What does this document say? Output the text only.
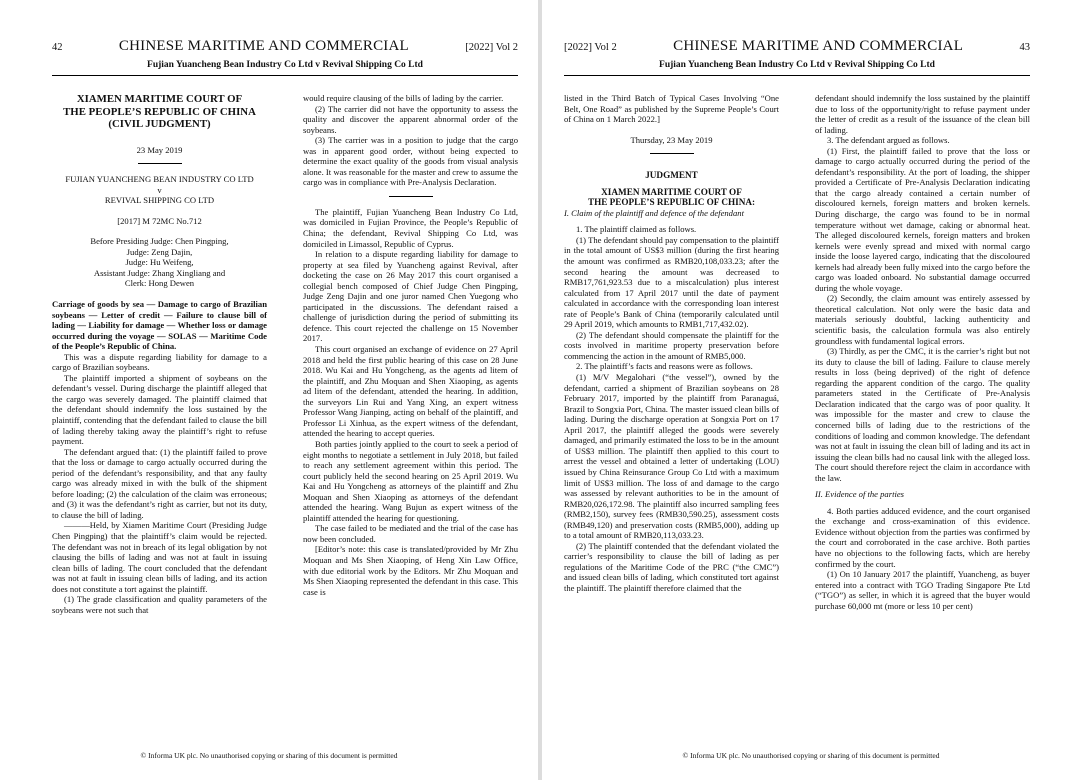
42	CHINESE MARITIME AND COMMERCIAL	[2022] Vol 2
Fujian Yuancheng Bean Industry Co Ltd v Revival Shipping Co Ltd
XIAMEN MARITIME COURT OF
THE PEOPLE’S REPUBLIC OF CHINA
(CIVIL JUDGMENT)

23 May 2019

FUJIAN YUANCHENG BEAN INDUSTRY CO LTD

v

REVIVAL SHIPPING CO LTD

[2017] M 72MC No.712

Before Presiding Judge: Chen Pingping,

Judge: Zeng Dajin,

Judge: Hu Weifeng,

Assistant Judge: Zhang Xingliang and

Clerk: Hong Dewen

Carriage of goods by sea — Damage to cargo of Brazilian soybeans — Letter of credit — Failure to clause bill of lading — Liability for damage — Whether loss or damage occurred during the voyage — SOLAS — Maritime Code of the People’s Republic of China.

This was a dispute regarding liability for damage to a cargo of Brazilian soybeans.

The plaintiff imported a shipment of soybeans on the defendant’s vessel. During discharge the plaintiff alleged that the cargo was severely damaged. The plaintiff claimed that the defendant should indemnify the loss sustained by the plaintiff, contending that the defendant failed to clause the bill of lading thereby taking away the plaintiff’s right to refuse payment.

The defendant argued that: (1) the plaintiff failed to prove that the loss or damage to cargo actually occurred during the period of the defendant’s responsibility, and that any faulty cargo was already mixed in with the bulk of the shipment before loading; (2) the calculation of the claim was erroneous; and (3) it was the defendant’s right as carrier, but not its duty, to clause the bill of lading.

———Held, by Xiamen Maritime Court (Presiding Judge Chen Pingping) that the plaintiff’s claim would be rejected. The defendant was not in breach of its legal obligation by not clausing the bills of lading and was not at fault in issuing clean bills of lading. The court concluded that the defendant was not at fault in issuing clean bills of lading, and its action does not constitute a tort against the plaintiff.

(1) The grade classification and quality parameters of the soybeans were not such that

would require clausing of the bills of lading by the carrier.

(2) The carrier did not have the opportunity to assess the quality and discover the apparent abnormal order of the soybeans.

(3) The carrier was in a position to judge that the cargo was in apparent good order, without being expected to determine the exact quality of the goods from visual analysis alone. It was reasonable for the master and crew to assume the cargo was in compliance with Pre-Analysis Declaration.

The plaintiff, Fujian Yuancheng Bean Industry Co Ltd, was domiciled in Fujian Province, the People’s Republic of China; the defendant, Revival Shipping Co Ltd, was domiciled in Limassol, Republic of Cyprus.

In relation to a dispute regarding liability for damage to property at sea filed by Yuancheng against Revival, after docketing the case on 26 May 2017 this court organised a collegial bench composed of Chief Judge Chen Pingping, Judge Zeng Dajin and one juror named Chen Yuegong who participated in the discussions. The defendant raised a challenge of jurisdiction during the period of submitting its defence. This court rejected the challenge on 15 November 2017.

This court organised an exchange of evidence on 27 April 2018 and held the first public hearing of this case on 28 June 2018. Wu Kai and Hu Yongcheng, as the agents ad litem of the plaintiff, and Zhu Moquan and Shen Xiaoping, as agents ad litem of the defendant, attended the hearing. In addition, the surveyors Lin Rui and Yang Xing, an expert witness Professor Wang Jianping, acting on behalf of the plaintiff, and Professor Li Xinhua, as the expert witness of the defendant, attended the hearing to accept queries.

Both parties jointly applied to the court to seek a period of eight months to negotiate a settlement in July 2018, but failed to reach any settlement agreement within this period. The court publicly held the second hearing on 25 April 2019. Wu Kai and Hu Yongcheng as attorneys of the plaintiff and Zhu Moquan and Shen Xiaoping as attorneys of the defendant attended the hearing. Wang Bujun as expert witness of the plaintiff attended the hearing for questioning.

The case failed to be mediated and the trial of the case has now been concluded.

[Editor’s note: this case is translated/provided by Mr Zhu Moquan and Ms Shen Xiaoping, of Heng Xin Law Office, with due editorial work by the Editors. Mr Zhu Moquan and Ms Shen Xiaoping represented the defendant in this case. This case is

© Informa UK plc. No unauthorised copying or sharing of this document is permitted
[2022] Vol 2	CHINESE MARITIME AND COMMERCIAL	43
Fujian Yuancheng Bean Industry Co Ltd v Revival Shipping Co Ltd

listed in the Third Batch of Typical Cases Involving “One Belt, One Road” as published by the Supreme People’s Court of China on 1 March 2022.]

Thursday, 23 May 2019

JUDGMENT

XIAMEN MARITIME COURT OF
THE PEOPLE’S REPUBLIC OF CHINA:

I. Claim of the plaintiff and defence of the defendant

1. The plaintiff claimed as follows.

(1) The defendant should pay compensation to the plaintiff in the total amount of US$3 million (during the first hearing the amount was confirmed as RMB20,108,033.23; after the second hearing the amount was decreased to RMB17,761,923.53 due to a miscalculation) plus interest calculated from 17 April 2017 until the date of payment calculated in accordance with the corresponding loan interest rate of People’s Bank of China (temporarily calculated until 29 April 2019, which amounts to RMB1,717,432.02).

(2) The defendant should compensate the plaintiff for the costs involved in maritime property preservation before commencing the action in the amount of RMB5,000.

2. The plaintiff’s facts and reasons were as follows.

(1) M/V Megalohari (“the vessel”), owned by the defendant, carried a shipment of Brazilian soybeans on 28 February 2017, imported by the plaintiff from Paranaguá, Brazil to Songxia Port, China. The master issued clean bills of lading. During the discharge operation at Songxia Port on 17 April 2017, the plaintiff alleged the goods were severely damaged, and primarily estimated the loss to be in the amount of US$3 million. The plaintiff then applied to this court to arrest the vessel and obtained a letter of undertaking (LOU) issued by China Reinsurance Group Co Ltd with a maximum limit of US$3 million. The loss of and damage to the cargo was assessed by relevant authorities to be in the amount of RMB20,026,172.98. The plaintiff also incurred sampling fees (RMB2,150), survey fees (RMB30,590.25), assessment costs (RMB49,120) and preservation costs (RMB5,000), adding up to a total amount of RMB20,113,033.23.

(2) The plaintiff contended that the defendant violated the carrier’s responsibility to clause the bill of lading as per regulations of the Maritime Code of the PRC (“the CMC”) and issued clean bills of lading, which constituted tort against the plaintiff. The plaintiff therefore claimed that the

defendant should indemnify the loss sustained by the plaintiff due to loss of the opportunity/right to refuse payment under the letter of credit as a result of the issuance of the clean bill of lading.

3. The defendant argued as follows.

(1) First, the plaintiff failed to prove that the loss or damage to cargo actually occurred during the period of the defendant’s responsibility. At the port of loading, the shipper provided a Certificate of Pre-Analysis Declaration indicating that the cargo already contained a certain number of discoloured kernels, foreign matters and broken kernels. During discharge, the cargo was found to be in normal temperature without wet damage, caking or abnormal heat. The alleged discoloured kernels, foreign matters and broken kernels were evenly spread and mixed with normal cargo inside the loose layered cargo, indicating that the discoloured kernels had already been fully mixed into the cargo before the cargo was loaded onboard. No substantial damage occurred during the whole voyage.

(2) Secondly, the claim amount was entirely assessed by theoretical calculation. Not only were the basic data and materials seriously doubtful, lacking authenticity and scientific basis, the calculation formula was also entirely groundless with fundamental logical errors.

(3) Thirdly, as per the CMC, it is the carrier’s right but not its duty to clause the bill of lading. Failure to clause merely results in loss (being deprived) of the right of defence regarding the apparent condition of the cargo. The quality parameters stated in the Certificate of Pre-Analysis Declaration indicated that the cargo was of poor quality. It was impossible for the master and crew to clause the concerned bills of lading due to the restrictions of the conditions of loading and common knowledge. The defendant was not at fault in issuing the clean bill of lading and its act in issuing the clean bills had no causal link with the alleged loss. The court should therefore reject the claim in accordance with the law.

II. Evidence of the parties

4. Both parties adduced evidence, and the court organised the exchange and cross-examination of this evidence. Evidence without objection from the parties was confirmed by the court and corroborated in the case archive. Both parties have no objections to the following facts, which are hereby confirmed by the court.

(1) On 10 January 2017 the plaintiff, Yuancheng, as buyer entered into a contract with TGO Trading Singapore Pte Ltd (“TGO”) as seller, in which it is agreed that the buyer would purchase 60,000 mt (more or less 10 per cent)

© Informa UK plc. No unauthorised copying or sharing of this document is permitted
